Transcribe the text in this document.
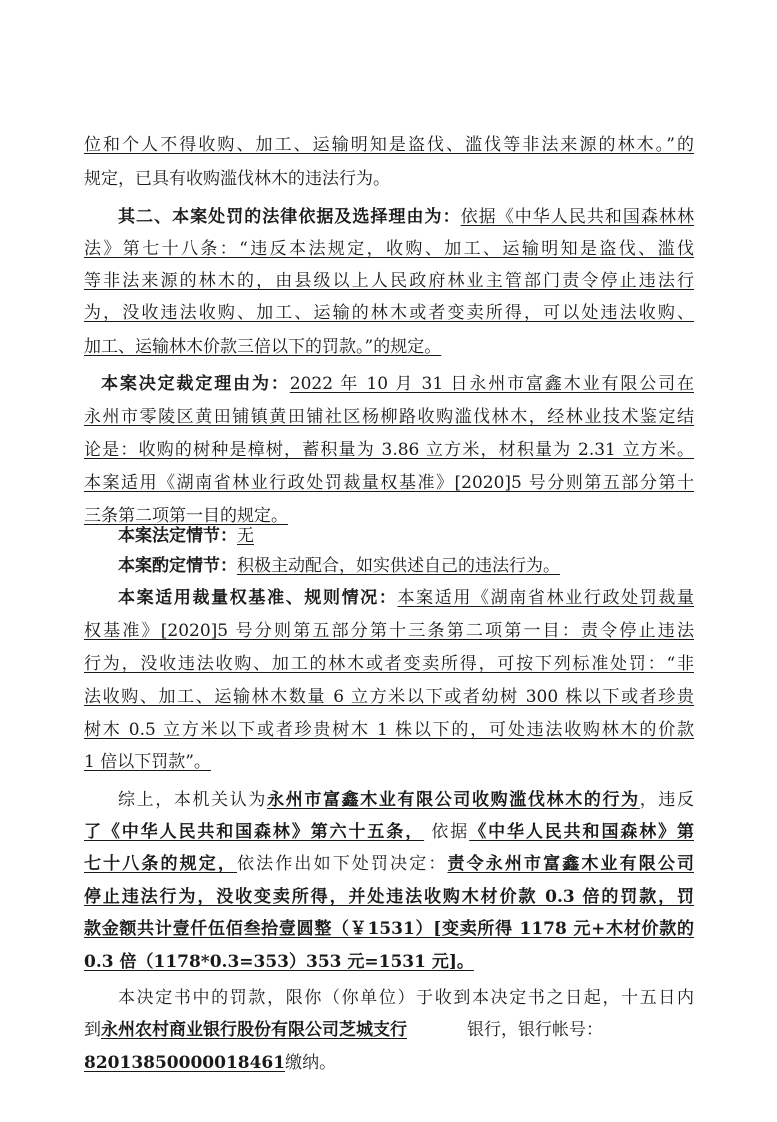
位和个人不得收购、加工、运输明知是盗伐、滥伐等非法来源的林木。”的
规定，已具有收购滥伐林木的违法行为。
其二、本案处罚的法律依据及选择理由为：依据《中华人民共和国森林林
法》第七十八条：“违反本法规定，收购、加工、运输明知是盗伐、滥伐
等非法来源的林木的，由县级以上人民政府林业主管部门责令停止违法行
为，没收违法收购、加工、运输的林木或者变卖所得，可以处违法收购、
加工、运输林木价款三倍以下的罚款。”的规定。
本案决定裁定理由为：2022 年 10 月 31 日永州市富鑫木业有限公司在
永州市零陵区黄田铺镇黄田铺社区杨柳路收购滥伐林木，经林业技术鉴定结
论是：收购的树种是樟树，蓄积量为 3.86 立方米，材积量为 2.31 立方米。
本案适用《湖南省林业行政处罚裁量权基准》[2020]5 号分则第五部分第十
三条第二项第一目的规定。
本案法定情节：无
本案酌定情节：积极主动配合，如实供述自己的违法行为。
本案适用裁量权基准、规则情况：本案适用《湖南省林业行政处罚裁量
权基准》[2020]5 号分则第五部分第十三条第二项第一目：责令停止违法
行为，没收违法收购、加工的林木或者变卖所得，可按下列标准处罚：“非
法收购、加工、运输林木数量 6 立方米以下或者幼树 300 株以下或者珍贵
树木 0.5 立方米以下或者珍贵树木 1 株以下的，可处违法收购林木的价款
1 倍以下罚款”。
综上，本机关认为永州市富鑫木业有限公司收购滥伐林木的行为，违反
了《中华人民共和国森林》第六十五条， 依据《中华人民共和国森林》第
七十八条的规定，依法作出如下处罚决定：责令永州市富鑫木业有限公司
停止违法行为，没收变卖所得，并处违法收购木材价款 0.3 倍的罚款，罚
款金额共计壹仟伍佰叁拾壹圆整（￥1531）[变卖所得 1178 元+木材价款的
0.3 倍（1178*0.3=353）353 元=1531 元]。
本决定书中的罚款，限你（你单位）于收到本决定书之日起，十五日内
到永州农村商业银行股份有限公司芝城支行	银行，银行帐号：
82013850000018461缴纳。
